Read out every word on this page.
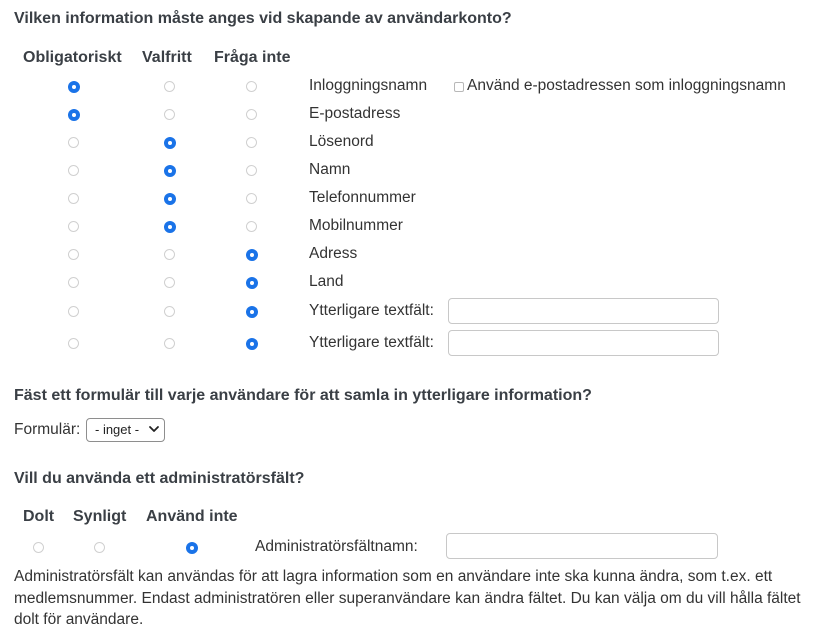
Vilken information måste anges vid skapande av användarkonto?
Obligatoriskt Valfritt Fråga inte
Inloggningsnamn
E-postadress
Lösenord
Namn
Telefonnummer
Mobilnummer
Adress
Land
Ytterligare textfält:
Ytterligare textfält:
Använd e-postadressen som inloggningsnamn
Fäst ett formulär till varje användare för att samla in ytterligare information?
Formulär:	- inget -
Vill du använda ett administratörsfält?
Dolt Synligt Använd inte
Administratörsfältnamn:

Administratörsfält kan användas för att lagra information som en användare inte ska kunna ändra, som t.ex. ett medlemsnummer. Endast administratören eller superanvändare kan ändra fältet. Du kan välja om du vill hålla fältet dolt för användare.
